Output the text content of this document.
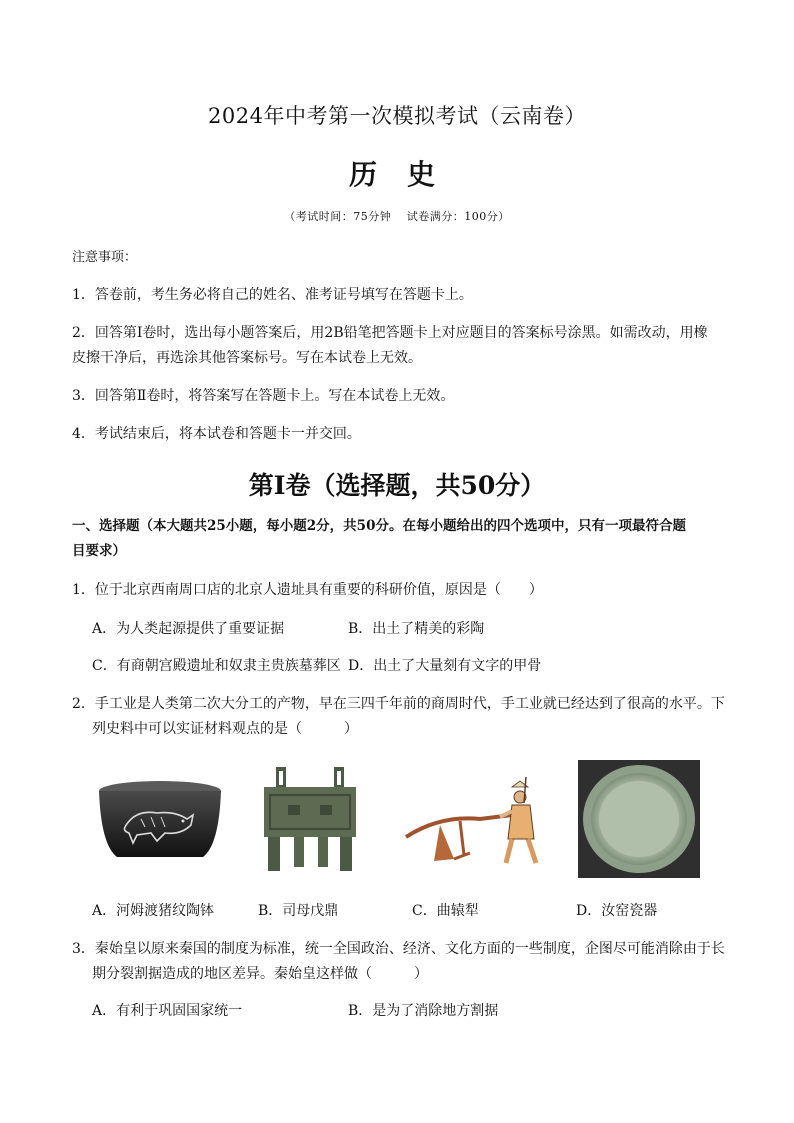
2024年中考第一次模拟考试（云南卷）
历史
（考试时间：75分钟　 试卷满分：100分）
注意事项：
1．答卷前，考生务必将自己的姓名、准考证号填写在答题卡上。
2．回答第Ⅰ卷时，选出每小题答案后，用2B铅笔把答题卡上对应题目的答案标号涂黑。如需改动，用橡
皮擦干净后，再选涂其他答案标号。写在本试卷上无效。
3．回答第Ⅱ卷时，将答案写在答题卡上。写在本试卷上无效。
4．考试结束后，将本试卷和答题卡一并交回。
第I卷（选择题，共50分）
一、选择题（本大题共25小题，每小题2分，共50分。在每小题给出的四个选项中，只有一项最符合题
目要求）
1．位于北京西南周口店的北京人遗址具有重要的科研价值，原因是（　　）
A．为人类起源提供了重要证据	B．出土了精美的彩陶
C．有商朝宫殿遗址和奴隶主贵族墓葬区 D．出土了大量刻有文字的甲骨
2．手工业是人类第二次大分工的产物，早在三四千年前的商周时代，手工业就已经达到了很高的水平。下
列史料中可以实证材料观点的是（　　　）
A．河姆渡猪纹陶钵	B．司母戊鼎	C．曲辕犁	D．汝窑瓷器
3．秦始皇以原来秦国的制度为标准，统一全国政治、经济、文化方面的一些制度，企图尽可能消除由于长
期分裂割据造成的地区差异。秦始皇这样做（　　　）
A．有利于巩固国家统一	B．是为了消除地方割据
